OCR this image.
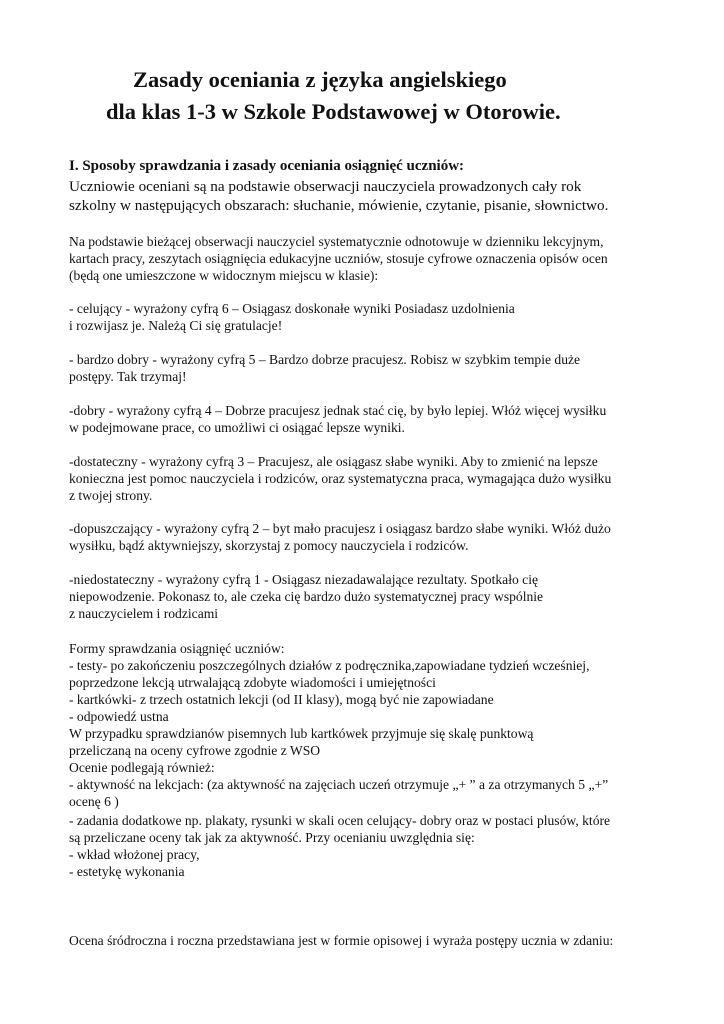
Zasady oceniania z języka angielskiego
dla klas 1-3 w Szkole Podstawowej w Otorowie.
I. Sposoby sprawdzania i zasady oceniania osiągnięć uczniów:
Uczniowie oceniani są na podstawie obserwacji nauczyciela prowadzonych cały rok
szkolny w następujących obszarach: słuchanie, mówienie, czytanie, pisanie, słownictwo.
Na podstawie bieżącej obserwacji nauczyciel systematycznie odnotowuje w dzienniku lekcyjnym,
kartach pracy, zeszytach osiągnięcia edukacyjne uczniów, stosuje cyfrowe oznaczenia opisów ocen
(będą one umieszczone w widocznym miejscu w klasie):
- celujący - wyrażony cyfrą 6 – Osiągasz doskonałe wyniki Posiadasz uzdolnienia
i rozwijasz je. Należą Ci się gratulacje!
- bardzo dobry - wyrażony cyfrą 5 – Bardzo dobrze pracujesz. Robisz w szybkim tempie duże
postępy. Tak trzymaj!
-dobry - wyrażony cyfrą 4 – Dobrze pracujesz jednak stać cię, by było lepiej. Włóż więcej wysiłku
w podejmowane prace, co umożliwi ci osiągać lepsze wyniki.
-dostateczny - wyrażony cyfrą 3 – Pracujesz, ale osiągasz słabe wyniki. Aby to zmienić na lepsze
konieczna jest pomoc nauczyciela i rodziców, oraz systematyczna praca, wymagająca dużo wysiłku
z twojej strony.
-dopuszczający - wyrażony cyfrą 2 – byt mało pracujesz i osiągasz bardzo słabe wyniki. Włóż dużo
wysiłku, bądź aktywniejszy, skorzystaj z pomocy nauczyciela i rodziców.
-niedostateczny - wyrażony cyfrą 1 - Osiągasz niezadawalające rezultaty. Spotkało cię
niepowodzenie. Pokonasz to, ale czeka cię bardzo dużo systematycznej pracy wspólnie
z nauczycielem i rodzicami
Formy sprawdzania osiągnięć uczniów:
- testy- po zakończeniu poszczególnych działów z podręcznika,zapowiadane tydzień wcześniej,
poprzedzone lekcją utrwalającą zdobyte wiadomości i umiejętności
- kartkówki- z trzech ostatnich lekcji (od II klasy), mogą być nie zapowiadane
- odpowiedź ustna
W przypadku sprawdzianów pisemnych lub kartkówek przyjmuje się skalę punktową
przeliczaną na oceny cyfrowe zgodnie z WSO
Ocenie podlegają również:
- aktywność na lekcjach: (za aktywność na zajęciach uczeń otrzymuje „+ ” a za otrzymanych 5 „+”
ocenę 6 )
- zadania dodatkowe np. plakaty, rysunki w skali ocen celujący- dobry oraz w postaci plusów, które
są przeliczane oceny tak jak za aktywność. Przy ocenianiu uwzględnia się:
- wkład włożonej pracy,
- estetykę wykonania
Ocena śródroczna i roczna przedstawiana jest w formie opisowej i wyraża postępy ucznia w zdaniu:
